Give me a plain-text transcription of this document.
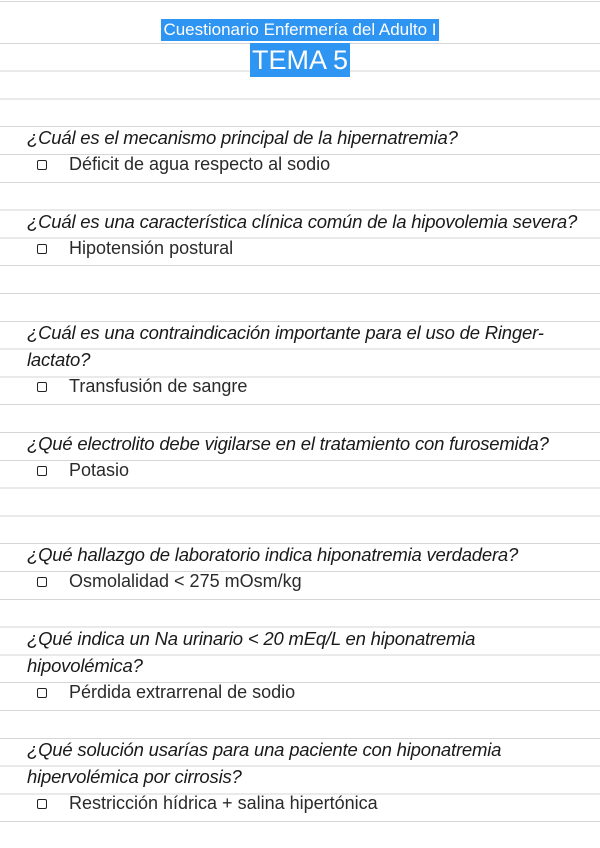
Cuestionario Enfermería del Adulto I
TEMA 5

¿Cuál es el mecanismo principal de la hipernatremia?

Déficit de agua respecto al sodio

¿Cuál es una característica clínica común de la hipovolemia severa?

Hipotensión postural

¿Cuál es una contraindicación importante para el uso de Ringer-lactato?

Transfusión de sangre

¿Qué electrolito debe vigilarse en el tratamiento con furosemida?

Potasio

¿Qué hallazgo de laboratorio indica hiponatremia verdadera?

Osmolalidad < 275 mOsm/kg

¿Qué indica un Na urinario < 20 mEq/L en hiponatremia hipovolémica?

Pérdida extrarrenal de sodio

¿Qué solución usarías para una paciente con hiponatremia hipervolémica por cirrosis?

Restricción hídrica + salina hipertónica
